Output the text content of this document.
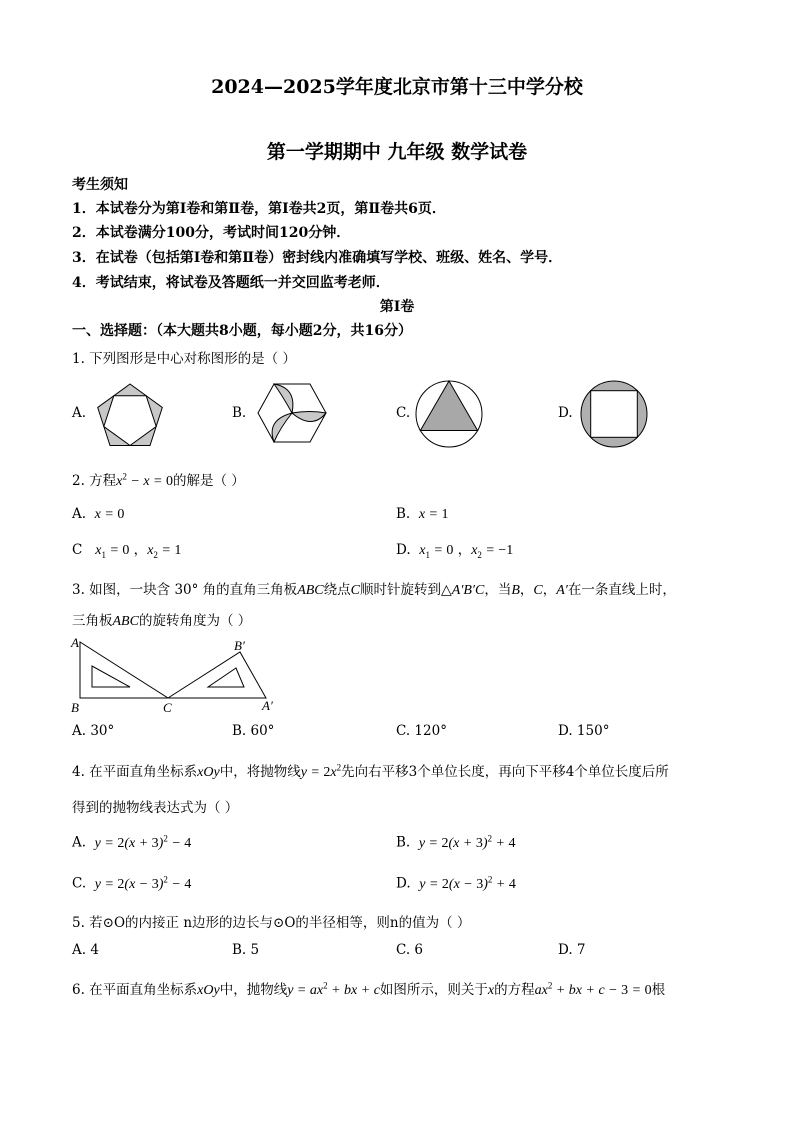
2024—2025学年度北京市第十三中学分校
第一学期期中 九年级 数学试卷
考生须知
1．本试卷分为第Ⅰ卷和第Ⅱ卷，第Ⅰ卷共2页，第Ⅱ卷共6页．
2．本试卷满分100分，考试时间120分钟．
3．在试卷（包括第Ⅰ卷和第Ⅱ卷）密封线内准确填写学校、班级、姓名、学号．
4．考试结束，将试卷及答题纸一并交回监考老师．
第Ⅰ卷
一、选择题：（本大题共8小题，每小题2分，共16分）
1. 下列图形是中心对称图形的是（ ）
A.	B.	C.	D.
2. 方程$x^2 - x = 0$的解是（ ）
A. x = 0	B. x = 1
C $x_1 = 0$ ，$x_2 = 1$	D. $x_1 = 0$ ，$x_2 = -1$
3. 如图，一块含 30° 角的直角三角板ABC绕点C顺时针旋转到△A′B′C，当B，C，A′在一条直线上时，
三角板ABC的旋转角度为（ ）
A
B	C
B′
A′
A. 30°	B. 60°	C. 120°	D. 150°
4. 在平面直角坐标系xOy中，将抛物线$y = 2x^2$先向右平移3个单位长度，再向下平移4个单位长度后所
得到的抛物线表达式为（ ）
A. $y = 2(x + 3)^2 - 4$	B. $y = 2(x + 3)^2 + 4$
C. $y = 2(x - 3)^2 - 4$	D. $y = 2(x - 3)^2 + 4$
5. 若⊙O的内接正 n边形的边长与⊙O的半径相等，则n的值为（ ）
A. 4	B. 5	C. 6	D. 7
6. 在平面直角坐标系xOy中，抛物线$y = ax^2$ + bx + c如图所示，则关于x的方程$ax^2$ + bx + c − 3 = 0根
